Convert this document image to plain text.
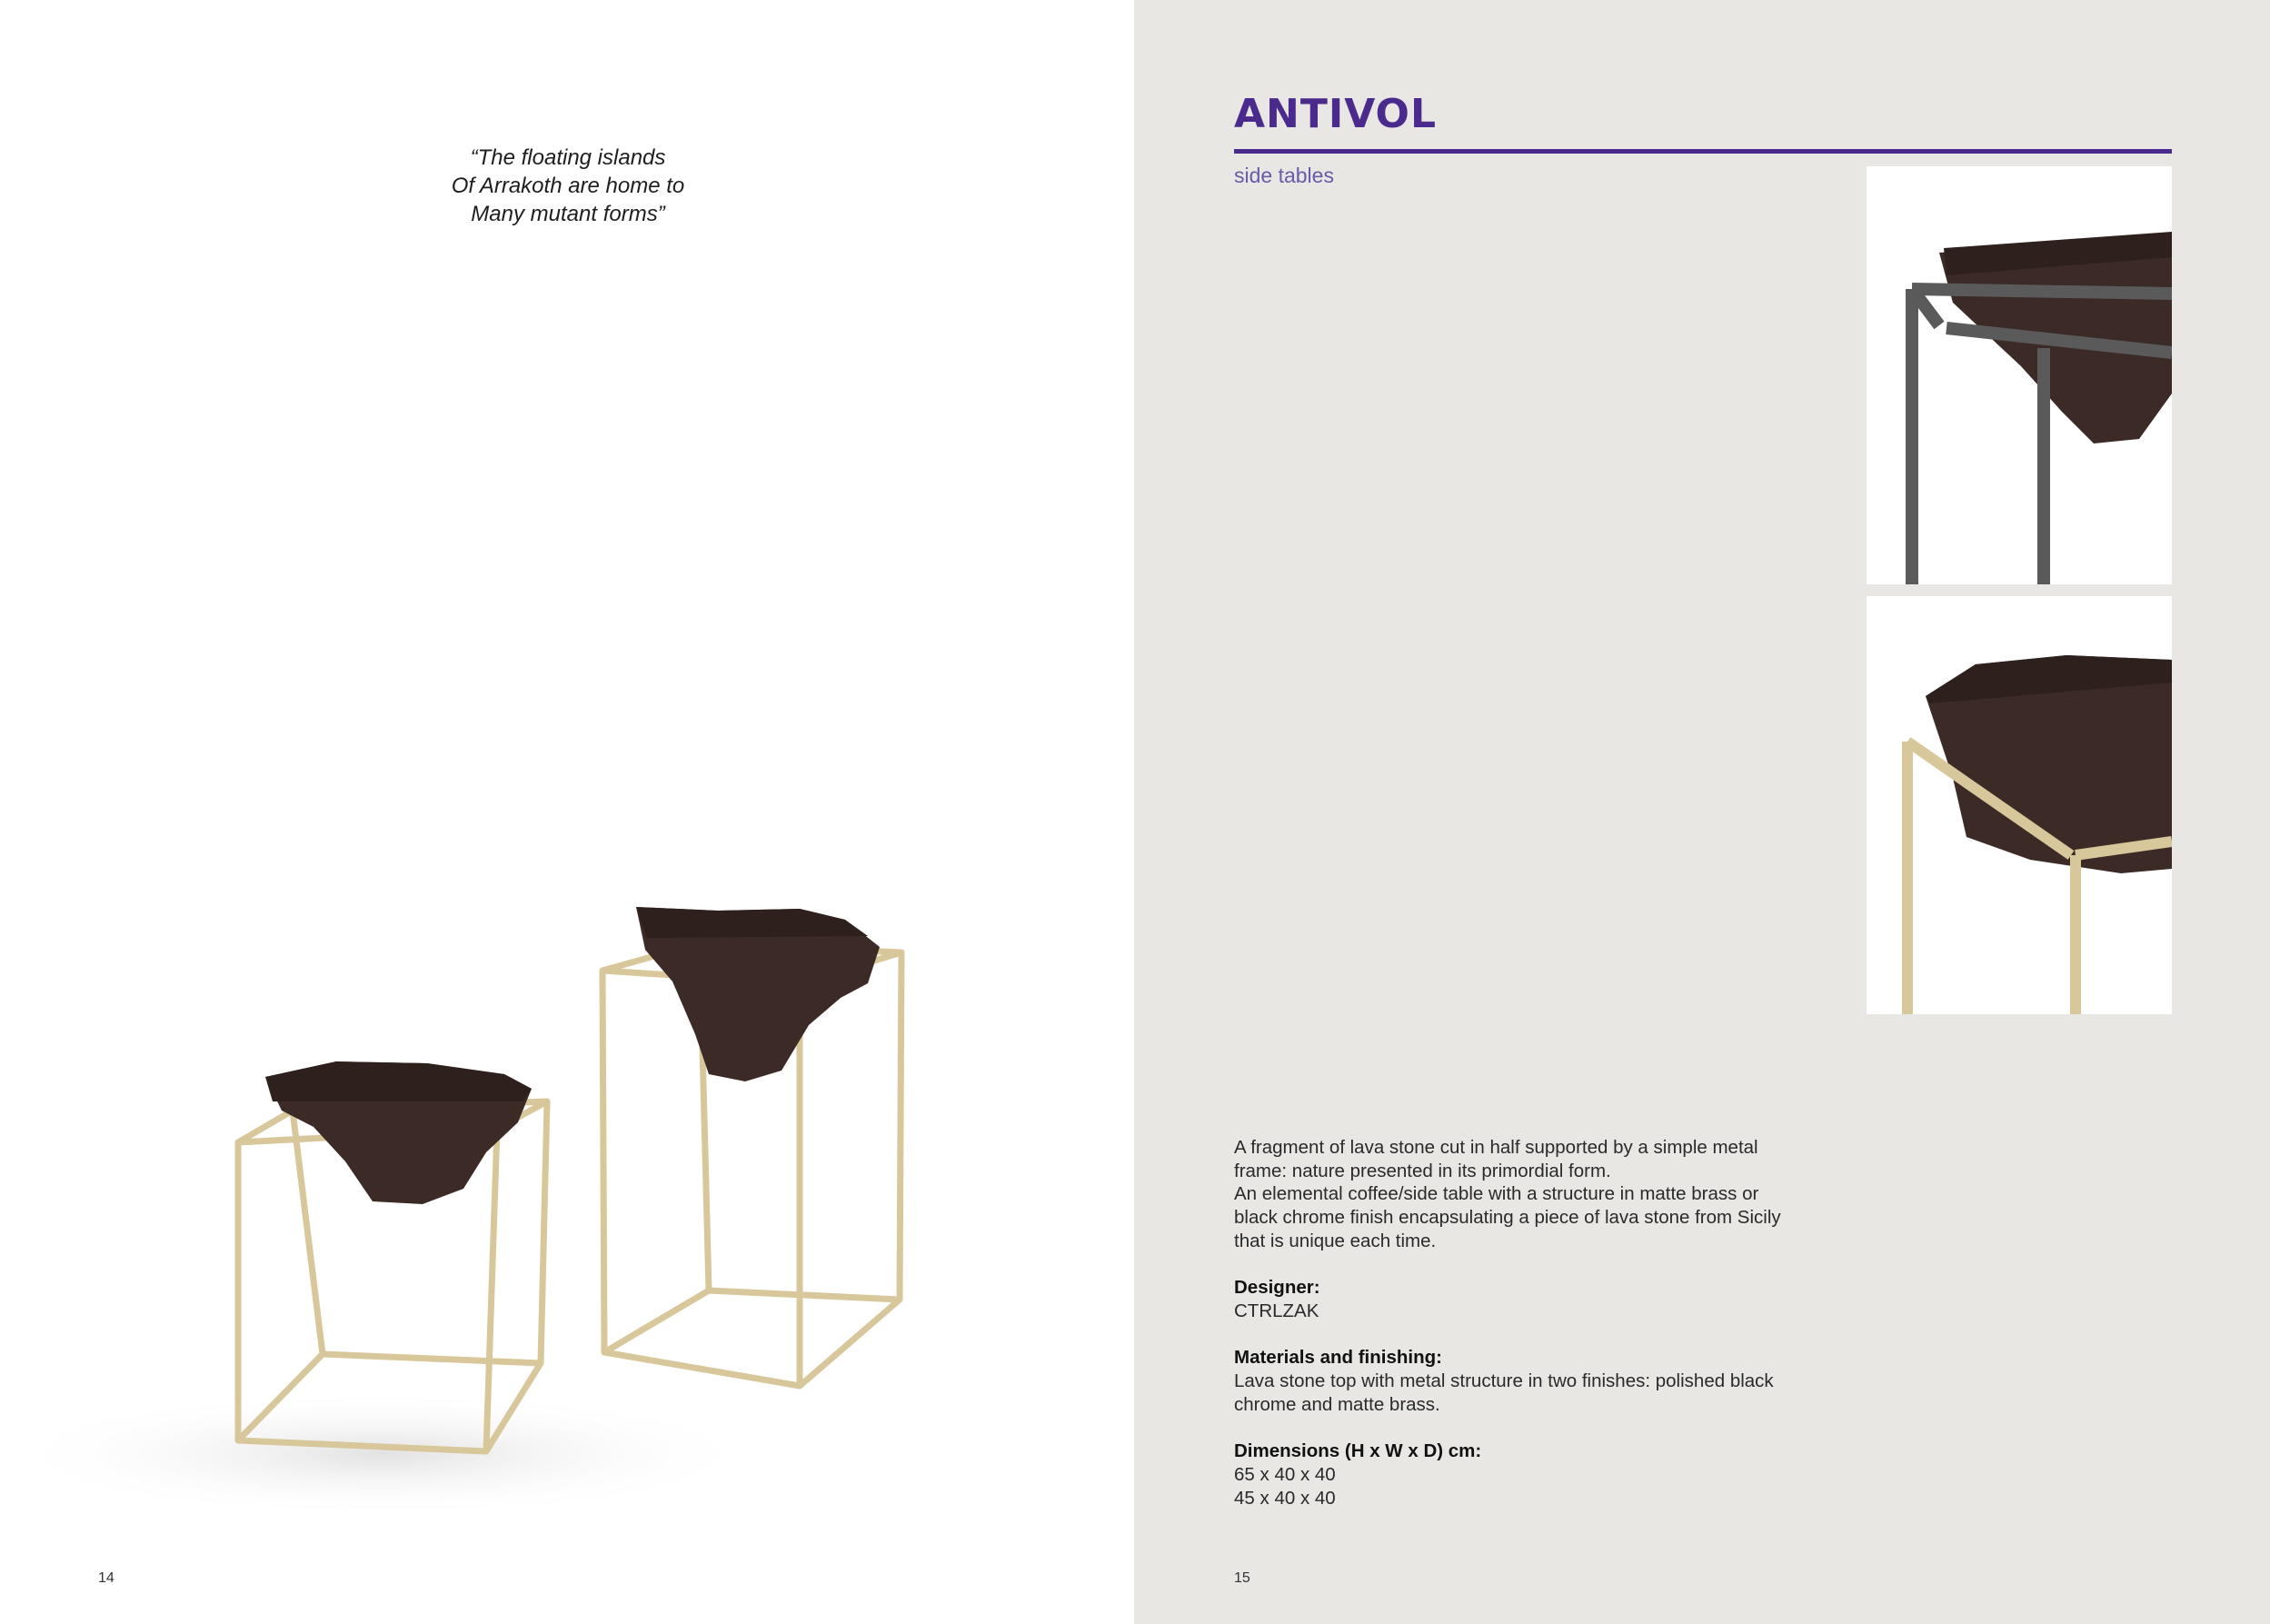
“The floating islands
Of Arrakoth are home to
Many mutant forms”
14
ANTIVOL
side tables

A fragment of lava stone cut in half supported by a simple metal

frame: nature presented in its primordial form.

An elemental coffee/side table with a structure in matte brass or

black chrome finish encapsulating a piece of lava stone from Sicily

that is unique each time.

Designer:
CTRLZAK
Materials and finishing:
Lava stone top with metal structure in two finishes: polished black
chrome and matte brass.
Dimensions (H x W x D) cm:
65 x 40 x 40
45 x 40 x 40
15
